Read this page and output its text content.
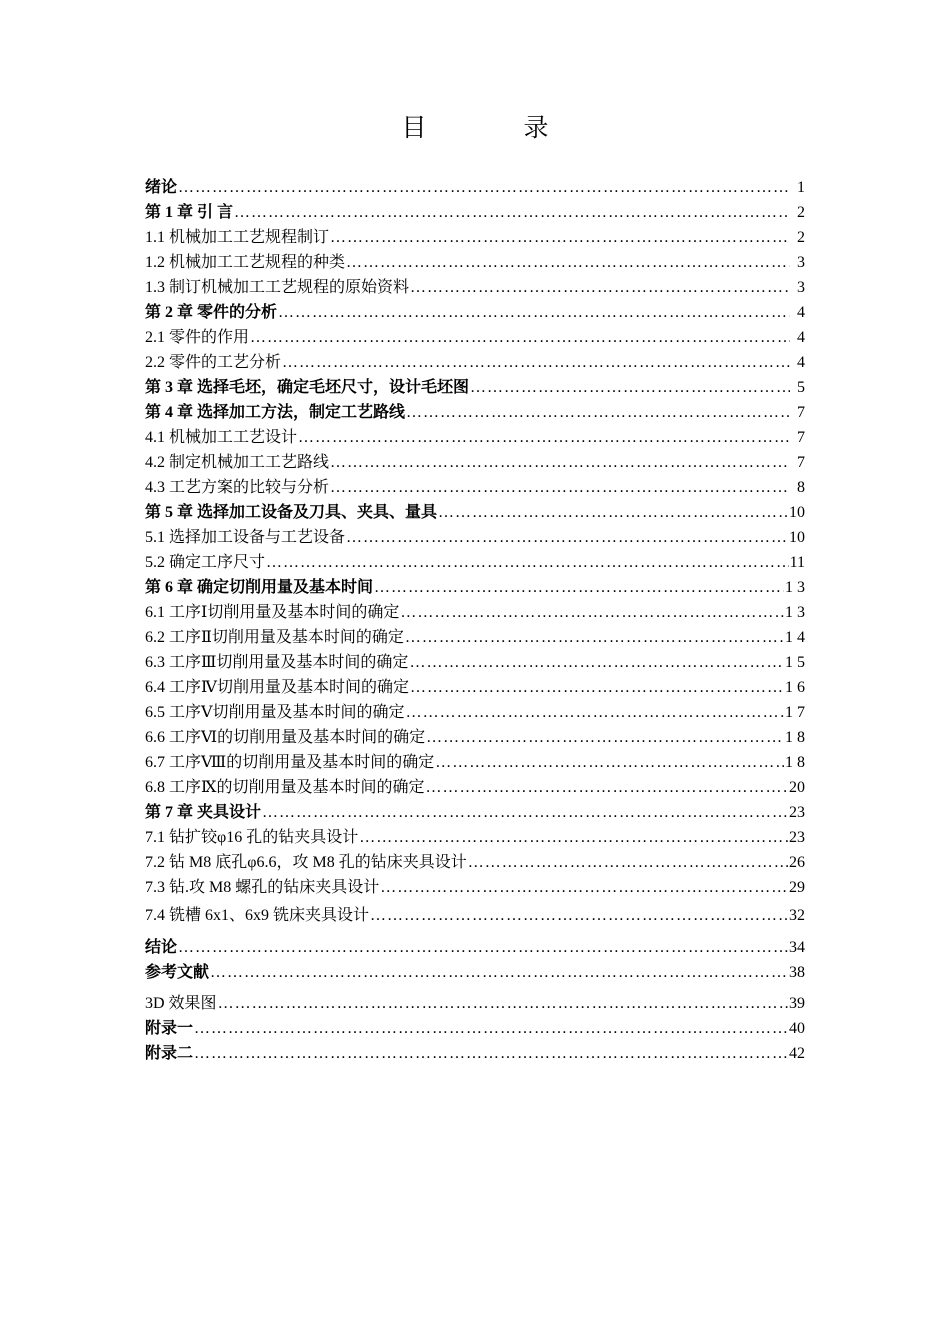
目　录
绪论 ……………………………………………………………………………………………………………………………………………………………………………………………	1
第 1 章 引 言 ……………………………………………………………………………………………………………………………………………………………………………………………	2
1.1 机械加工工艺规程制订 ……………………………………………………………………………………………………………………………………………………………………………………………	2
1.2 机械加工工艺规程的种类 ……………………………………………………………………………………………………………………………………………………………………………………………	3
1.3 制订机械加工工艺规程的原始资料 ……………………………………………………………………………………………………………………………………………………………………………………………	3
第 2 章 零件的分析 ……………………………………………………………………………………………………………………………………………………………………………………………	4
2.1 零件的作用 ……………………………………………………………………………………………………………………………………………………………………………………………	4
2.2 零件的工艺分析 ……………………………………………………………………………………………………………………………………………………………………………………………	4
第 3 章 选择毛坯，确定毛坯尺寸，设计毛坯图 ……………………………………………………………………………………………………………………………………………………………………………………………	5
第 4 章 选择加工方法，制定工艺路线 ……………………………………………………………………………………………………………………………………………………………………………………………	7
4.1 机械加工工艺设计 ……………………………………………………………………………………………………………………………………………………………………………………………	7
4.2 制定机械加工工艺路线 ……………………………………………………………………………………………………………………………………………………………………………………………	7
4.3 工艺方案的比较与分析 ……………………………………………………………………………………………………………………………………………………………………………………………	8
第 5 章 选择加工设备及刀具、夹具、量具 ……………………………………………………………………………………………………………………………………………………………………………………………	10
5.1 选择加工设备与工艺设备 ……………………………………………………………………………………………………………………………………………………………………………………………	10
5.2 确定工序尺寸 ……………………………………………………………………………………………………………………………………………………………………………………………	11
第 6 章 确定切削用量及基本时间 ……………………………………………………………………………………………………………………………………………………………………………………………	1 3
6.1 工序Ⅰ切削用量及基本时间的确定 ……………………………………………………………………………………………………………………………………………………………………………………………	1 3
6.2 工序Ⅱ切削用量及基本时间的确定 ……………………………………………………………………………………………………………………………………………………………………………………………	1 4
6.3 工序Ⅲ切削用量及基本时间的确定 ……………………………………………………………………………………………………………………………………………………………………………………………	1 5
6.4 工序Ⅳ切削用量及基本时间的确定 ……………………………………………………………………………………………………………………………………………………………………………………………	1 6
6.5 工序Ⅴ切削用量及基本时间的确定 ……………………………………………………………………………………………………………………………………………………………………………………………	1 7
6.6 工序Ⅵ的切削用量及基本时间的确定 ……………………………………………………………………………………………………………………………………………………………………………………………	1 8
6.7 工序Ⅷ的切削用量及基本时间的确定 ……………………………………………………………………………………………………………………………………………………………………………………………	1 8
6.8 工序Ⅸ的切削用量及基本时间的确定 ……………………………………………………………………………………………………………………………………………………………………………………………	20
第 7 章 夹具设计 ……………………………………………………………………………………………………………………………………………………………………………………………	23
7.1 钻扩铰φ16 孔的钻夹具设计 ……………………………………………………………………………………………………………………………………………………………………………………………	23
7.2 钻 M8 底孔φ6.6，攻 M8 孔的钻床夹具设计 ……………………………………………………………………………………………………………………………………………………………………………………………	26
7.3 钻.攻 M8 螺孔的钻床夹具设计 ……………………………………………………………………………………………………………………………………………………………………………………………	29
7.4 铣槽 6x1、6x9 铣床夹具设计 ……………………………………………………………………………………………………………………………………………………………………………………………	32
结论 ……………………………………………………………………………………………………………………………………………………………………………………………	34
参考文献 ……………………………………………………………………………………………………………………………………………………………………………………………	38
3D 效果图 ……………………………………………………………………………………………………………………………………………………………………………………………	39
附录一 ……………………………………………………………………………………………………………………………………………………………………………………………	40
附录二 ……………………………………………………………………………………………………………………………………………………………………………………………	42
